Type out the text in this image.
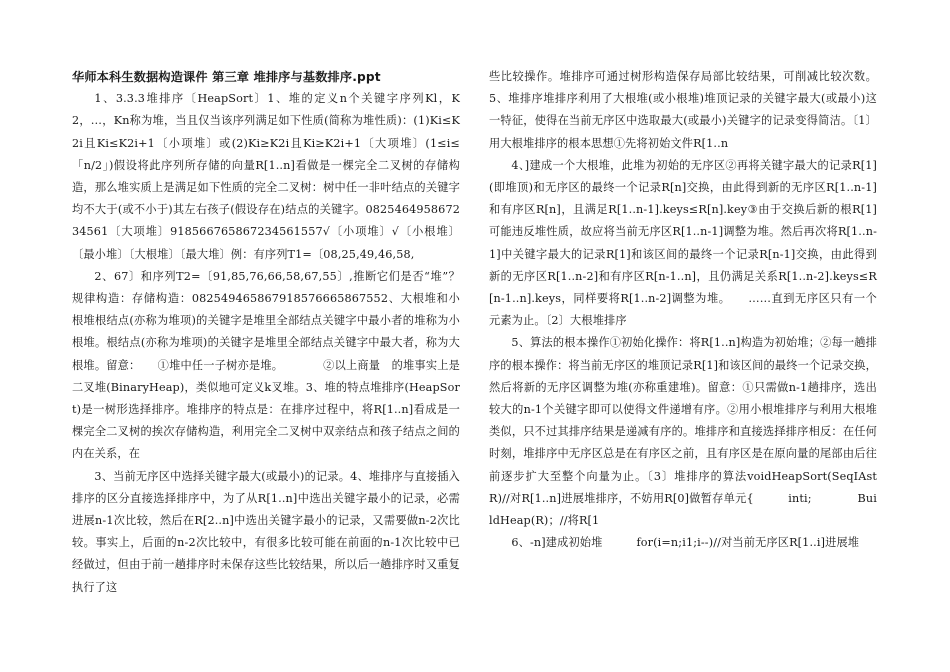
华师本科生数据构造课件 第三章 堆排序与基数排序.ppt

1、3.3.3堆排序〔HeapSort〕1、堆的定义n个关键字序列Kl，K2，…，Kn称为堆，当且仅当该序列满足如下性质(简称为堆性质)：(1)Ki≤K2i且Ki≤K2i+1〔小项堆〕或(2)Ki≥K2i且Ki≥K2i+1〔大项堆〕(1≤i≤「n/2」)假设将此序列所存储的向量R[1..n]看做是一棵完全二叉树的存储构造，那么堆实质上是满足如下性质的完全二叉树：树中任一非叶结点的关键字均不大于(或不小于)其左右孩子(假设存在)结点的关键字。082546495867234561〔大项堆〕918566765867234561557√〔小项堆〕√〔小根堆〕〔最小堆〕〔大根堆〕〔最大堆〕例：有序列T1=〔08,25,49,46,58,

2、67〕和序列T2=〔91,85,76,66,58,67,55〕,推断它们是否“堆”？规律构造：存储构造：0825494658679185766658675​52、大根堆和小根堆根结点(亦称为堆项)的关键字是堆里全部结点关键字中最小者的堆称为小根堆。根结点(亦称为堆项)的关键字是堆里全部结点关键字中最大者，称为大根堆。留意：　　①堆中任一子树亦是堆。　　　　②以上商量　的堆事实上是二叉堆(BinaryHeap)，类似地可定义k叉堆。3、堆的特点堆排序(HeapSort)是一树形选择排序。堆排序的特点是：在排序过程中，将R[1..n]看成是一棵完全二叉树的挨次存储构造，利用完全二叉树中双亲结点和孩子结点之间的内在关系，在

3、当前无序区中选择关键字最大(或最小)的记录。4、堆排序与直接插入排序的区分直接选择排序中，为了从R[1..n]中选出关键字最小的记录，必需进展n-1次比较，然后在R[2..n]中选出关键字最小的记录，又需要做n-2次比较。事实上，后面的n-2次比较中，有很多比较可能在前面的n-1次比较中已经做过，但由于前一趟排序时未保存这些比较结果，所以后一趟排序时又重复执行了这

些比较操作。堆排序可通过树形构造保存局部比较结果，可削减比较次数。5、堆排序堆排序利用了大根堆(或小根堆)堆顶记录的关键字最大(或最小)这一特征，使得在当前无序区中选取最大(或最小)关键字的记录变得简洁。〔1〕用大根堆排序的根本思想①先将初始文件R[1..n

4、]建成一个大根堆，此堆为初始的无序区②再将关键字最大的记录R[1](即堆顶)和无序区的最终一个记录R[n]交换，由此得到新的无序区R[1..n-1]和有序区R[n]，且满足R[1..n-1].keys≤R[n].key③由于交换后新的根R[1]可能违反堆性质，故应将当前无序区R[1..n-1]调整为堆。然后再次将R[1..n-1]中关键字最大的记录R[1]和该区间的最终一个记录R[n-1]交换，由此得到新的无序区R[1..n-2]和有序区R[n-1..n]，且仍满足关系R[1..n-2].keys≤R[n-1..n].keys，同样要将R[1..n-2]调整为堆。　　……直到无序区只有一个元素为止。〔2〕大根堆排序

5、算法的根本操作①初始化操作：将R[1..n]构造为初始堆；②每一趟排序的根本操作：将当前无序区的堆顶记录R[1]和该区间的最终一个记录交换，然后将新的无序区调整为堆(亦称重建堆)。留意：①只需做n-1趟排序，选出较大的n-1个关键字即可以使得文件递增有序。②用小根堆排序与利用大根堆类似，只不过其排序结果是递减有序的。堆排序和直接选择排序相反：在任何时刻，堆排序中无序区总是在有序区之前，且有序区是在原向量的尾部由后往前逐步扩大至整个向量为止。〔3〕堆排序的算法voidHeapSort(SeqIAstR)//对R[1..n]进展堆排序，不妨用R[0]做暂存单元{　　　inti;　　　　BuildHeap(R)；//将R[1

6、-n]建成初始堆　　　for(i=n;i1;i--)//对当前无序区R[1..i]进展堆
